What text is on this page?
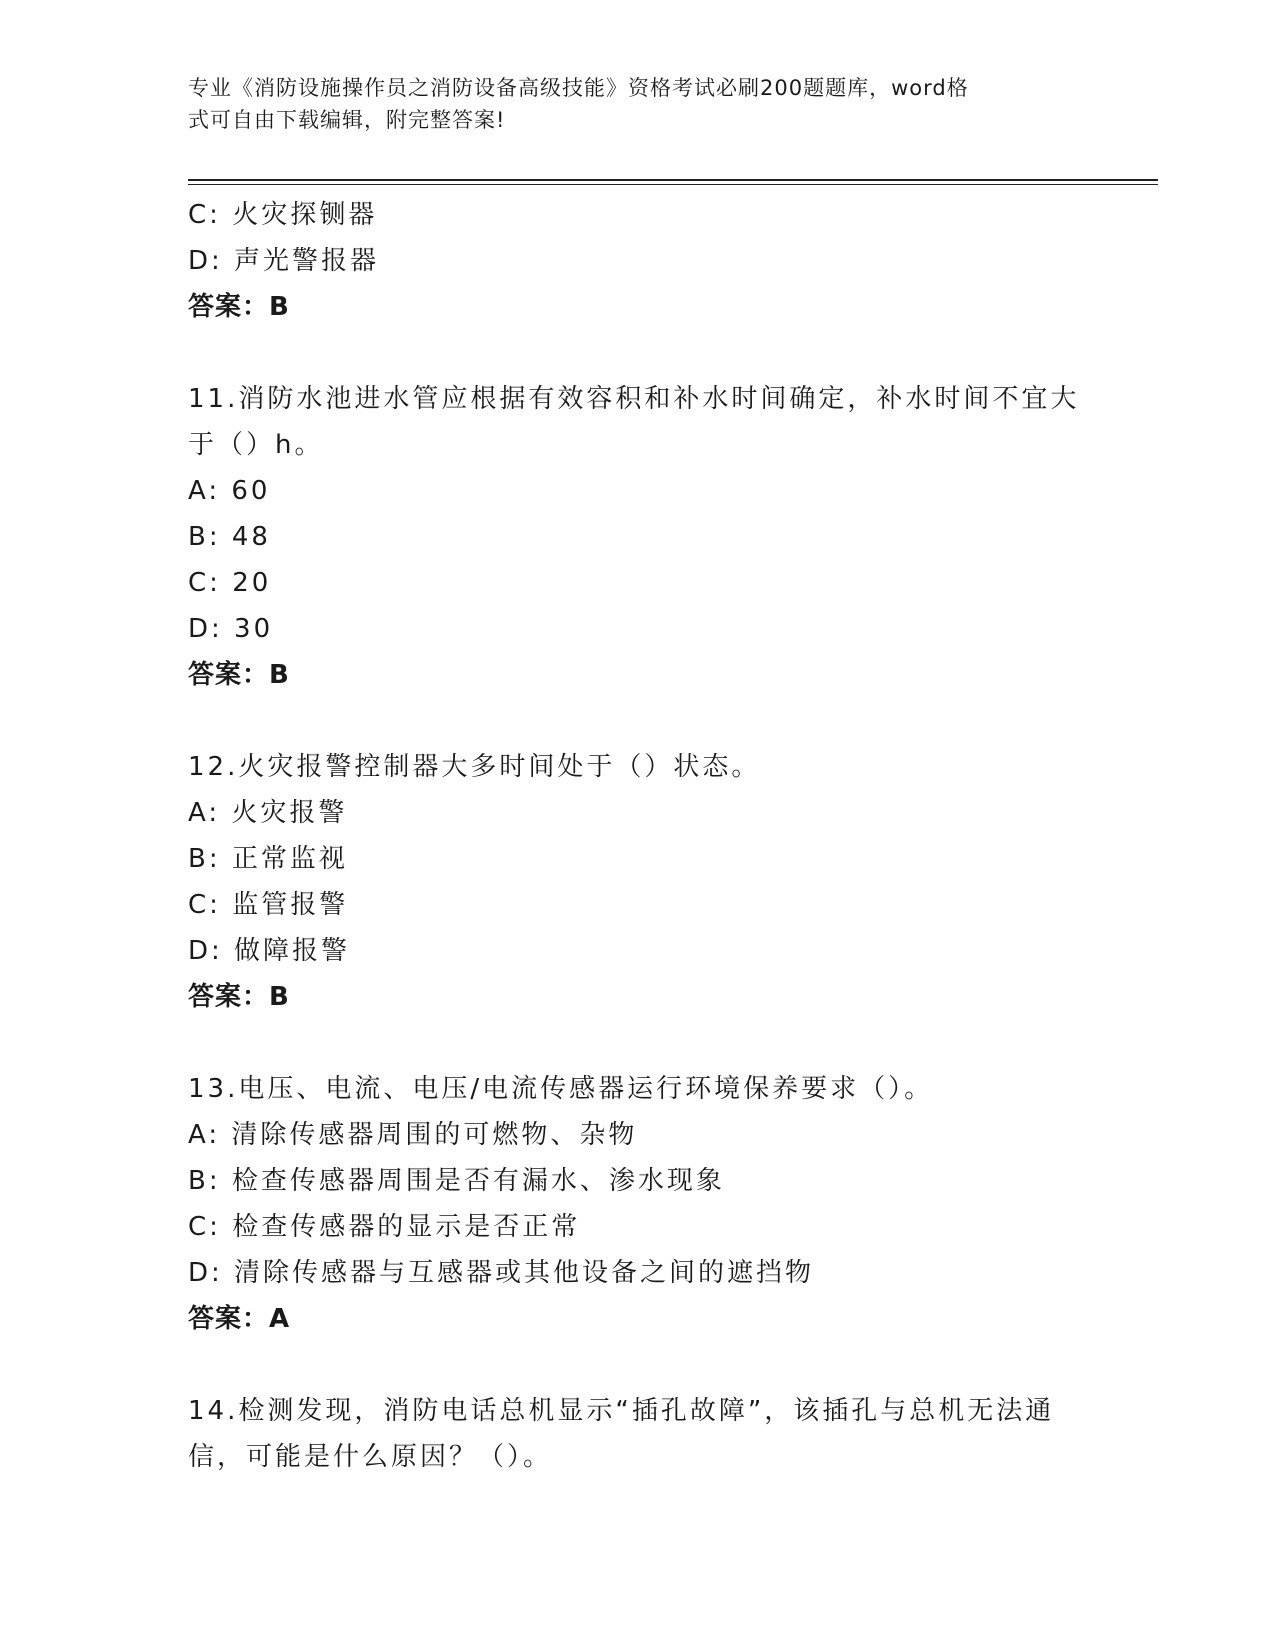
专业《消防设施操作员之消防设备高级技能》资格考试必刷200题题库，word格
式可自由下载编辑，附完整答案!
C: 火灾探铡器
D: 声光警报器
答案：B
11.消防水池进水管应根据有效容积和补水时间确定，补水时间不宜大
于（）h。
A: 60
B: 48
C: 20
D: 30
答案：B
12.火灾报警控制器大多时间处于（）状态。
A: 火灾报警
B: 正常监视
C: 监管报警
D: 做障报警
答案：B
13.电压、电流、电压/电流传感器运行环境保养要求（）。
A: 清除传感器周围的可燃物、杂物
B: 检查传感器周围是否有漏水、渗水现象
C: 检查传感器的显示是否正常
D: 清除传感器与互感器或其他设备之间的遮挡物
答案：A
14.检测发现，消防电话总机显示“插孔故障”，该插孔与总机无法通
信，可能是什么原因？（）。
